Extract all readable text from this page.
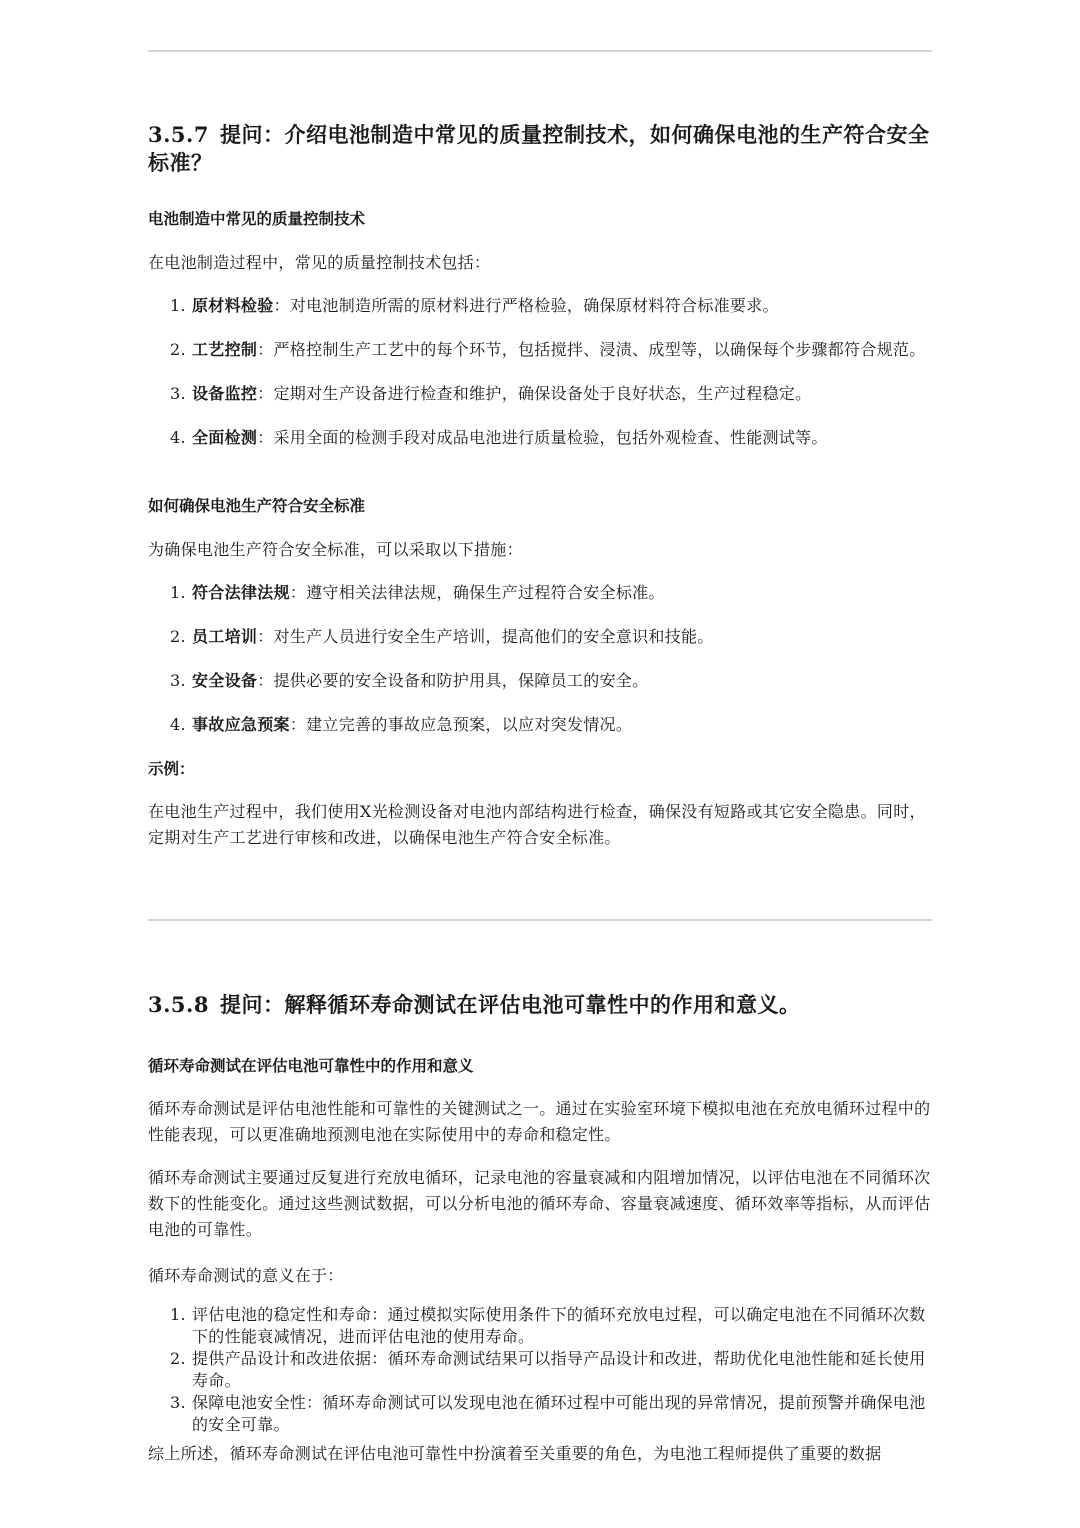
3.5.7 提问：介绍电池制造中常见的质量控制技术，如何确保电池的生产符合安全标准？
电池制造中常见的质量控制技术

在电池制造过程中，常见的质量控制技术包括：

1. 原材料检验：对电池制造所需的原材料进行严格检验，确保原材料符合标准要求。
2. 工艺控制：严格控制生产工艺中的每个环节，包括搅拌、浸渍、成型等，以确保每个步骤都符合规范。
3. 设备监控：定期对生产设备进行检查和维护，确保设备处于良好状态，生产过程稳定。
4. 全面检测：采用全面的检测手段对成品电池进行质量检验，包括外观检查、性能测试等。
如何确保电池生产符合安全标准

为确保电池生产符合安全标准，可以采取以下措施：

1. 符合法律法规：遵守相关法律法规，确保生产过程符合安全标准。
2. 员工培训：对生产人员进行安全生产培训，提高他们的安全意识和技能。
3. 安全设备：提供必要的安全设备和防护用具，保障员工的安全。
4. 事故应急预案：建立完善的事故应急预案，以应对突发情况。
示例：

在电池生产过程中，我们使用X光检测设备对电池内部结构进行检查，确保没有短路或其它安全隐患。同时，定期对生产工艺进行审核和改进，以确保电池生产符合安全标准。

3.5.8 提问：解释循环寿命测试在评估电池可靠性中的作用和意义。
循环寿命测试在评估电池可靠性中的作用和意义

循环寿命测试是评估电池性能和可靠性的关键测试之一。通过在实验室环境下模拟电池在充放电循环过程中的性能表现，可以更准确地预测电池在实际使用中的寿命和稳定性。

循环寿命测试主要通过反复进行充放电循环，记录电池的容量衰减和内阻增加情况，以评估电池在不同循环次数下的性能变化。通过这些测试数据，可以分析电池的循环寿命、容量衰减速度、循环效率等指标，从而评估电池的可靠性。

循环寿命测试的意义在于：

1. 评估电池的稳定性和寿命：通过模拟实际使用条件下的循环充放电过程，可以确定电池在不同循环次数下的性能衰减情况，进而评估电池的使用寿命。
2. 提供产品设计和改进依据：循环寿命测试结果可以指导产品设计和改进，帮助优化电池性能和延长使用寿命。
3. 保障电池安全性：循环寿命测试可以发现电池在循环过程中可能出现的异常情况，提前预警并确保电池的安全可靠。

综上所述，循环寿命测试在评估电池可靠性中扮演着至关重要的角色，为电池工程师提供了重要的数据
